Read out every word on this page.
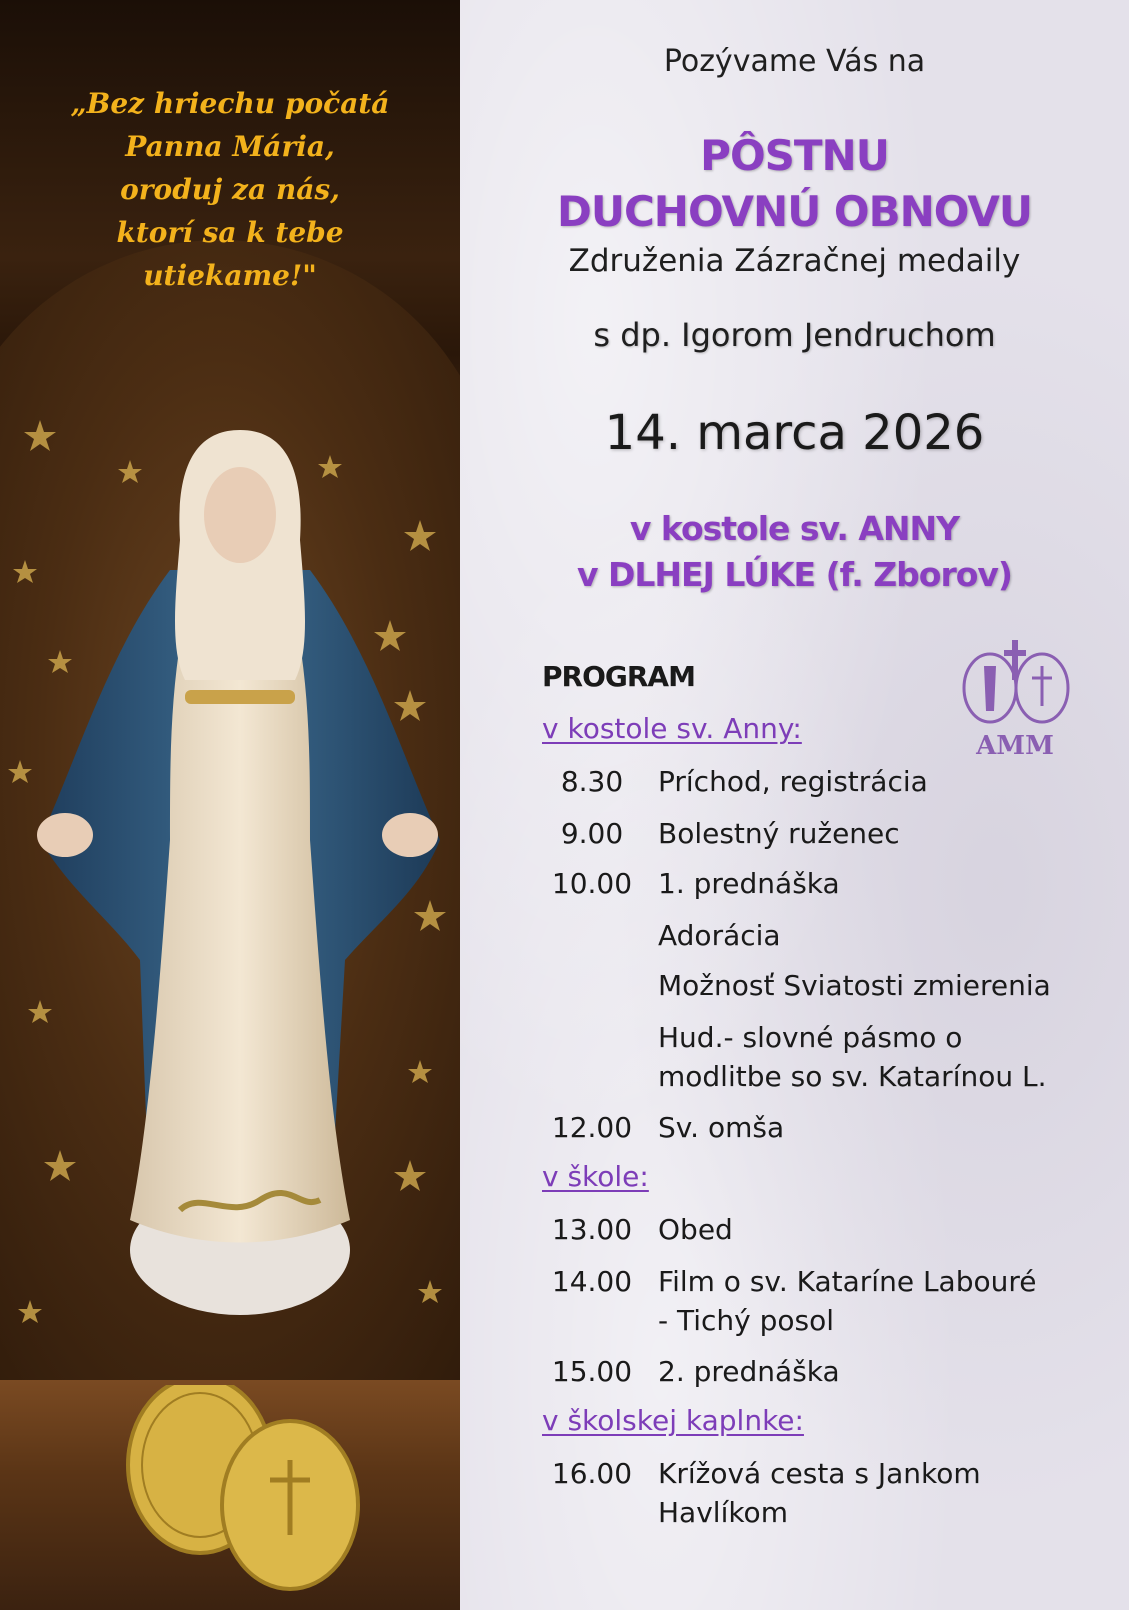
„Bez hriechu počatá
Panna Mária,
oroduj za nás,
ktorí sa k tebe utiekame!"
Pozývame Vás na
PÔSTNU
DUCHOVNÚ OBNOVU
Združenia Zázračnej medaily
s dp. Igorom Jendruchom
14. marca 2026
v kostole sv. ANNY
v DLHEJ LÚKE (f. Zborov)
PROGRAM
v kostole sv. Anny:
8.30	Príchod, registrácia
9.00	Bolestný ruženec
10.00 1. prednáška
Adorácia
Možnosť Sviatosti zmierenia
Hud.- slovné pásmo o modlitbe so sv. Katarínou L.
12.00 Sv. omša
v škole:
13.00 Obed
14.00 Film o sv. Kataríne Labouré - Tichý posol
15.00 2. prednáška
v školskej kaplnke:
16.00 Krížová cesta s Jankom Havlíkom
AMM
